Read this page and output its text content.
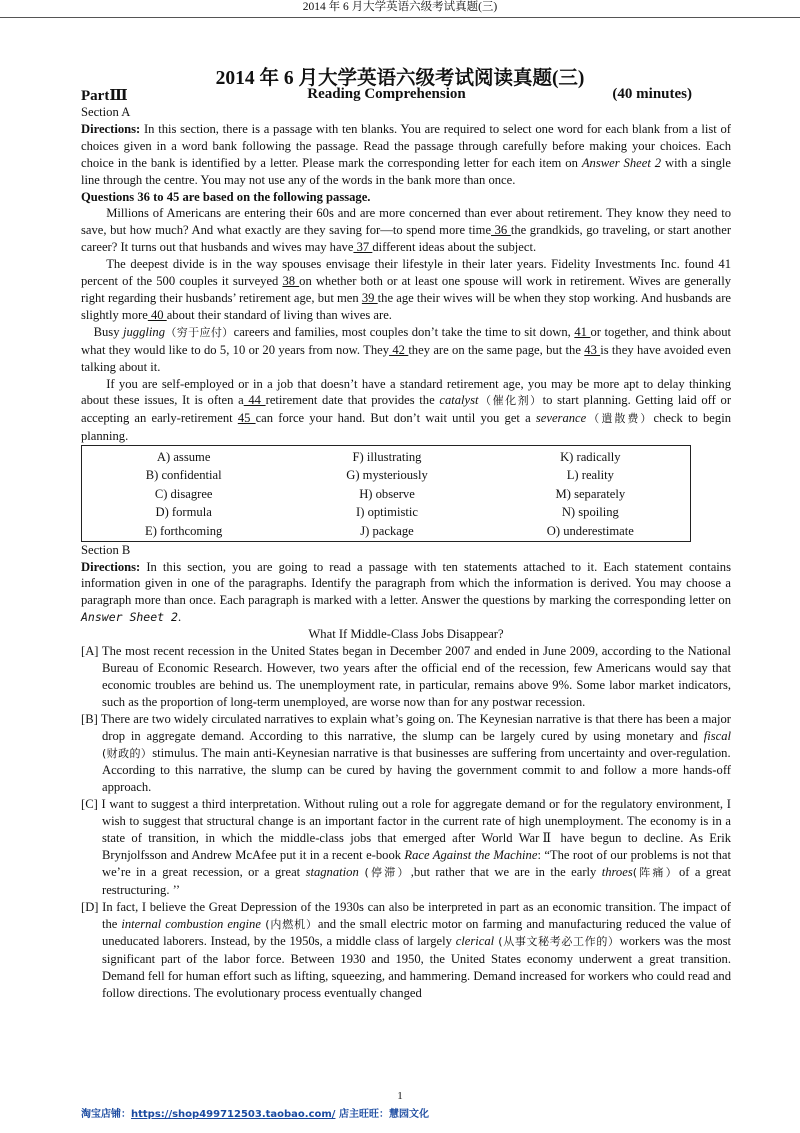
2014 年 6 月大学英语六级考试真题(三)
2014 年 6 月大学英语六级考试阅读真题(三)
Reading Comprehension
PartⅢ	(40 minutes)

Section A

Directions: In this section, there is a passage with ten blanks. You are required to select one word for each blank from a list of choices given in a word bank following the passage. Read the passage through carefully before making your choices. Each choice in the bank is identified by a letter. Please mark the corresponding letter for each item on Answer Sheet 2 with a single line through the centre. You may not use any of the words in the bank more than once.

Questions 36 to 45 are based on the following passage.

Millions of Americans are entering their 60s and are more concerned than ever about retirement. They know they need to save, but how much? And what exactly are they saving for—to spend more time 36 the grandkids, go traveling, or start another career? It turns out that husbands and wives may have 37 different ideas about the subject.

The deepest divide is in the way spouses envisage their lifestyle in their later years. Fidelity Investments Inc. found 41 percent of the 500 couples it surveyed 38 on whether both or at least one spouse will work in retirement. Wives are generally right regarding their husbands’ retirement age, but men 39 the age their wives will be when they stop working. And husbands are slightly more 40 about their standard of living than wives are.

Busy juggling（穷于应付）careers and families, most couples don’t take the time to sit down, 41 or together, and think about what they would like to do 5, 10 or 20 years from now. They 42 they are on the same page, but the 43 is they have avoided even talking about it.

If you are self-employed or in a job that doesn’t have a standard retirement age, you may be more apt to delay thinking about these issues, It is often a 44 retirement date that provides the catalyst（催化剂）to start planning. Getting laid off or accepting an early-retirement 45 can force your hand. But don’t wait until you get a severance（遣散费）check to begin planning.

A) assume	F) illustrating	K) radically
B) confidential	G) mysteriously	L) reality
C) disagree	H) observe	M) separately
D) formula	I) optimistic	N) spoiling
E) forthcoming	J) package	O) underestimate

Section B

Directions: In this section, you are going to read a passage with ten statements attached to it. Each statement contains information given in one of the paragraphs. Identify the paragraph from which the information is derived. You may choose a paragraph more than once. Each paragraph is marked with a letter. Answer the questions by marking the corresponding letter on Answer Sheet 2.

What If Middle-Class Jobs Disappear?

[A] The most recent recession in the United States began in December 2007 and ended in June 2009, according to the National Bureau of Economic Research. However, two years after the official end of the recession, few Americans would say that economic troubles are behind us. The unemployment rate, in particular, remains above 9%. Some labor market indicators, such as the proportion of long-term unemployed, are worse now than for any postwar recession.

[B] There are two widely circulated narratives to explain what’s going on. The Keynesian narrative is that there has been a major drop in aggregate demand. According to this narrative, the slump can be largely cured by using monetary and fiscal (财政的）stimulus. The main anti-Keynesian narrative is that businesses are suffering from uncertainty and over-regulation. According to this narrative, the slump can be cured by having the government commit to and follow a more hands-off approach.

[C] I want to suggest a third interpretation. Without ruling out a role for aggregate demand or for the regulatory environment, I wish to suggest that structural change is an important factor in the current rate of high unemployment. The economy is in a state of transition, in which the middle-class jobs that emerged after World WarⅡ have begun to decline. As Erik Brynjolfsson and Andrew McAfee put it in a recent e-book Race Against the Machine: “The root of our problems is not that we’re in a great recession, or a great stagnation (停滞）,but rather that we are in the early throes(阵痛）of a great restructuring. ’’

[D] In fact, I believe the Great Depression of the 1930s can also be interpreted in part as an economic transition. The impact of the internal combustion engine (内燃机）and the small electric motor on farming and manufacturing reduced the value of uneducated laborers. Instead, by the 1950s, a middle class of largely clerical (从事文秘考必工作的）workers was the most significant part of the labor force. Between 1930 and 1950, the United States economy underwent a great transition. Demand fell for human effort such as lifting, squeezing, and hammering. Demand increased for workers who could read and follow directions. The evolutionary process eventually changed

1
淘宝店铺：https://shop499712503.taobao.com/ 店主旺旺：慧园文化
